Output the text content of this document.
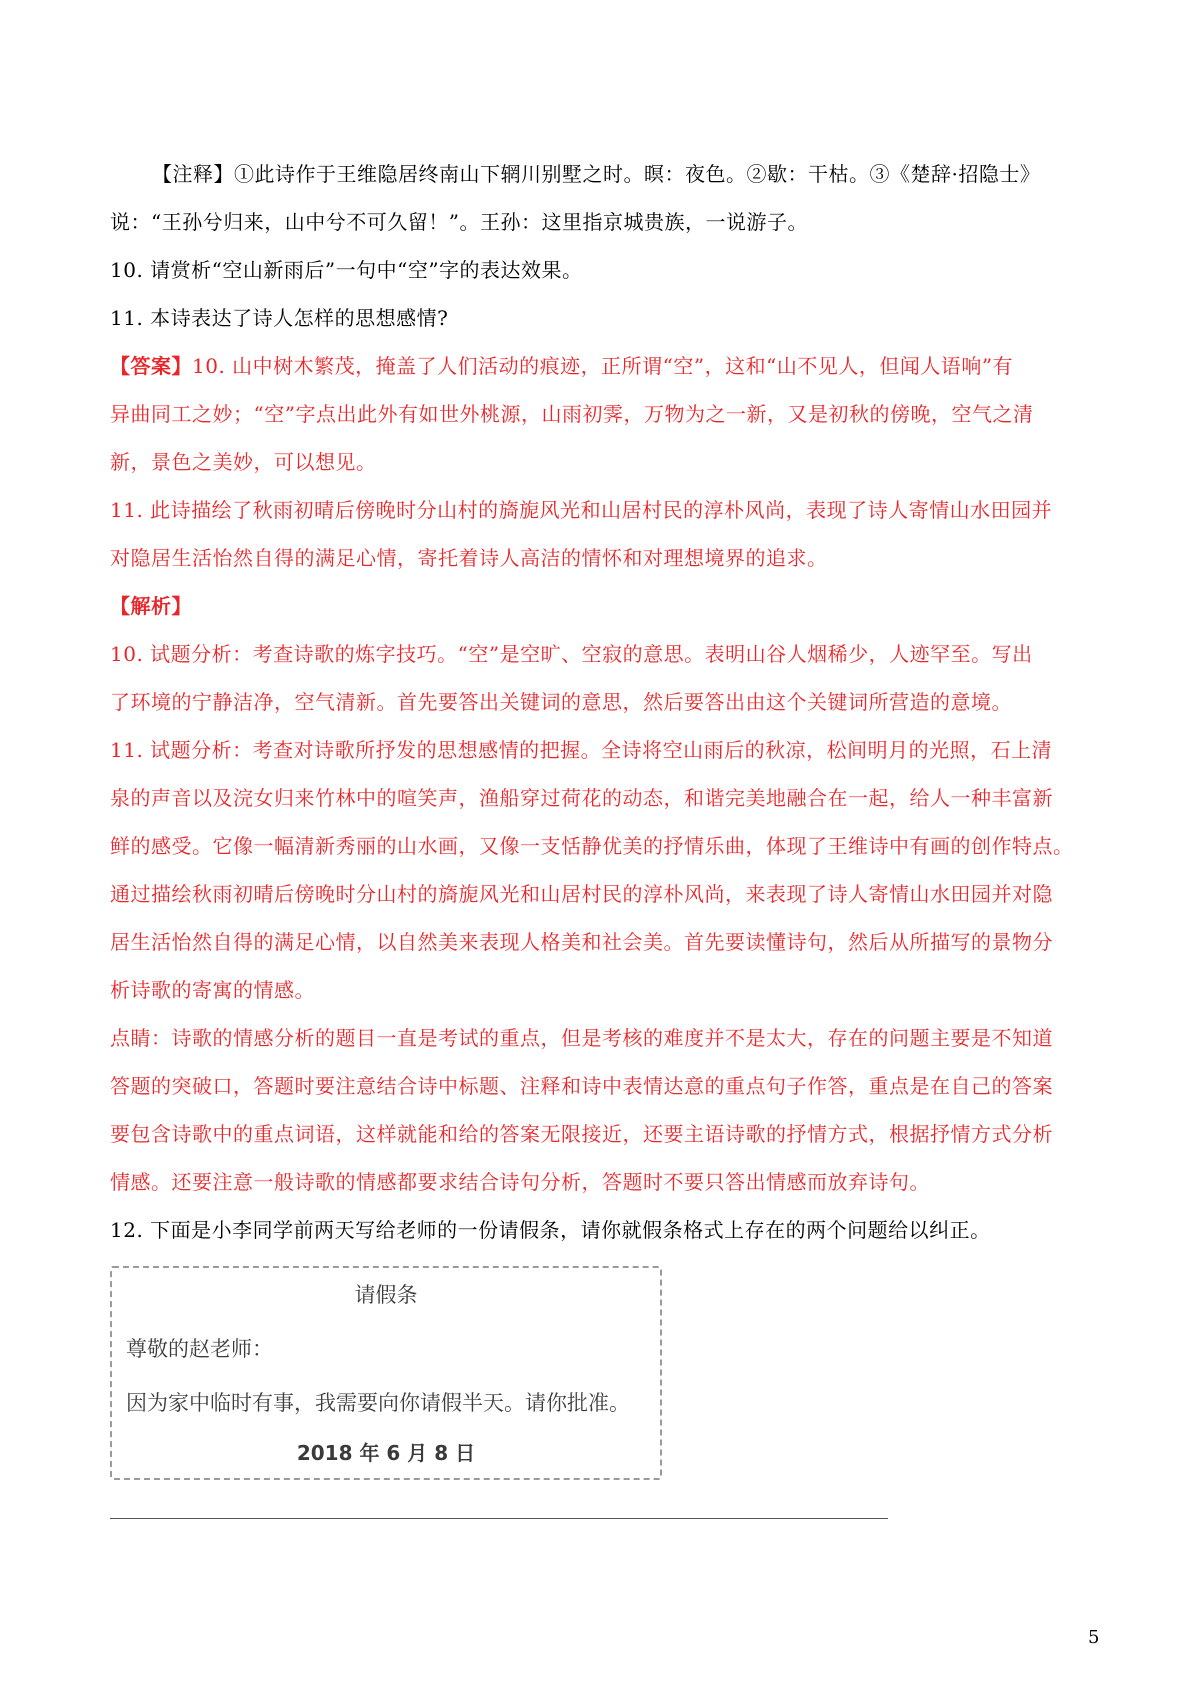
【注释】①此诗作于王维隐居终南山下辋川别墅之时。暝：夜色。②歇：干枯。③《楚辞·招隐士》

说：“王孙兮归来，山中兮不可久留！”。王孙：这里指京城贵族，一说游子。

10. 请赏析“空山新雨后”一句中“空”字的表达效果。

11. 本诗表达了诗人怎样的思想感情?

【答案】10. 山中树木繁茂，掩盖了人们活动的痕迹，正所谓“空”，这和“山不见人，但闻人语响”有

异曲同工之妙；“空”字点出此外有如世外桃源，山雨初霁，万物为之一新，又是初秋的傍晚，空气之清

新，景色之美妙，可以想见。

11. 此诗描绘了秋雨初晴后傍晚时分山村的旖旎风光和山居村民的淳朴风尚，表现了诗人寄情山水田园并

对隐居生活怡然自得的满足心情，寄托着诗人高洁的情怀和对理想境界的追求。

【解析】

10. 试题分析：考查诗歌的炼字技巧。“空”是空旷、空寂的意思。表明山谷人烟稀少，人迹罕至。写出

了环境的宁静洁净，空气清新。首先要答出关键词的意思，然后要答出由这个关键词所营造的意境。

11. 试题分析：考查对诗歌所抒发的思想感情的把握。全诗将空山雨后的秋凉，松间明月的光照，石上清

泉的声音以及浣女归来竹林中的喧笑声，渔船穿过荷花的动态，和谐完美地融合在一起，给人一种丰富新

鲜的感受。它像一幅清新秀丽的山水画，又像一支恬静优美的抒情乐曲，体现了王维诗中有画的创作特点。

通过描绘秋雨初晴后傍晚时分山村的旖旎风光和山居村民的淳朴风尚，来表现了诗人寄情山水田园并对隐

居生活怡然自得的满足心情，以自然美来表现人格美和社会美。首先要读懂诗句，然后从所描写的景物分

析诗歌的寄寓的情感。

点睛：诗歌的情感分析的题目一直是考试的重点，但是考核的难度并不是太大，存在的问题主要是不知道

答题的突破口，答题时要注意结合诗中标题、注释和诗中表情达意的重点句子作答，重点是在自己的答案

要包含诗歌中的重点词语，这样就能和给的答案无限接近，还要主语诗歌的抒情方式，根据抒情方式分析

情感。还要注意一般诗歌的情感都要求结合诗句分析，答题时不要只答出情感而放弃诗句。

12. 下面是小李同学前两天写给老师的一份请假条，请你就假条格式上存在的两个问题给以纠正。

请假条
尊敬的赵老师：
因为家中临时有事，我需要向你请假半天。请你批准。
2018 年 6 月 8 日
5
